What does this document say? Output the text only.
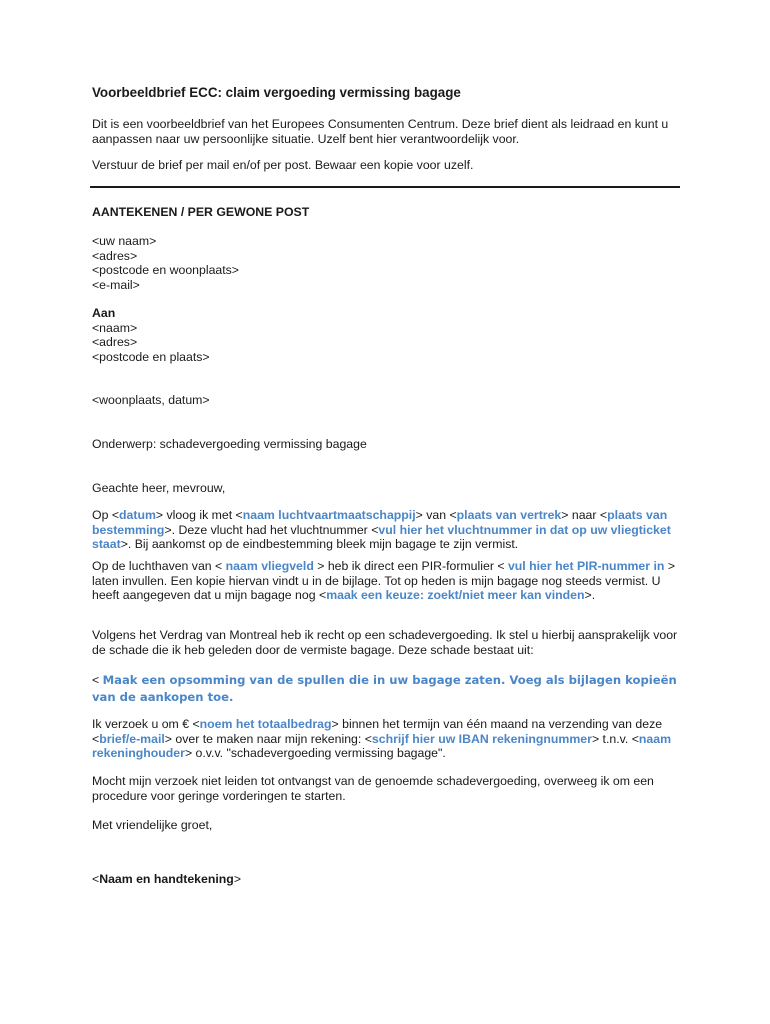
Voorbeeldbrief ECC: claim vergoeding vermissing bagage

Dit is een voorbeeldbrief van het Europees Consumenten Centrum. Deze brief dient als leidraad en kunt u aanpassen naar uw persoonlijke situatie. Uzelf bent hier verantwoordelijk voor.

Verstuur de brief per mail en/of per post. Bewaar een kopie voor uzelf.

AANTEKENEN / PER GEWONE POST

<uw naam>
<adres>
<postcode en woonplaats>
<e-mail>
Aan
<naam>
<adres>
<postcode en plaats>

<woonplaats, datum>

Onderwerp: schadevergoeding vermissing bagage

Geachte heer, mevrouw,

Op <datum> vloog ik met <naam luchtvaartmaatschappij> van <plaats van vertrek> naar <plaats van bestemming>. Deze vlucht had het vluchtnummer <vul hier het vluchtnummer in dat op uw vliegticket staat>. Bij aankomst op de eindbestemming bleek mijn bagage te zijn vermist.

Op de luchthaven van < naam vliegveld > heb ik direct een PIR-formulier < vul hier het PIR-nummer in > laten invullen. Een kopie hiervan vindt u in de bijlage. Tot op heden is mijn bagage nog steeds vermist. U heeft aangegeven dat u mijn bagage nog <maak een keuze: zoekt/niet meer kan vinden>.

Volgens het Verdrag van Montreal heb ik recht op een schadevergoeding. Ik stel u hierbij aansprakelijk voor de schade die ik heb geleden door de vermiste bagage. Deze schade bestaat uit:

< Maak een opsomming van de spullen die in uw bagage zaten. Voeg als bijlagen kopieën van de aankopen toe.

Ik verzoek u om € <noem het totaalbedrag> binnen het termijn van één maand na verzending van deze <brief/e-mail> over te maken naar mijn rekening: <schrijf hier uw IBAN rekeningnummer> t.n.v. <naam rekeninghouder> o.v.v. "schadevergoeding vermissing bagage".

Mocht mijn verzoek niet leiden tot ontvangst van de genoemde schadevergoeding, overweeg ik om een procedure voor geringe vorderingen te starten.

Met vriendelijke groet,

<Naam en handtekening>
